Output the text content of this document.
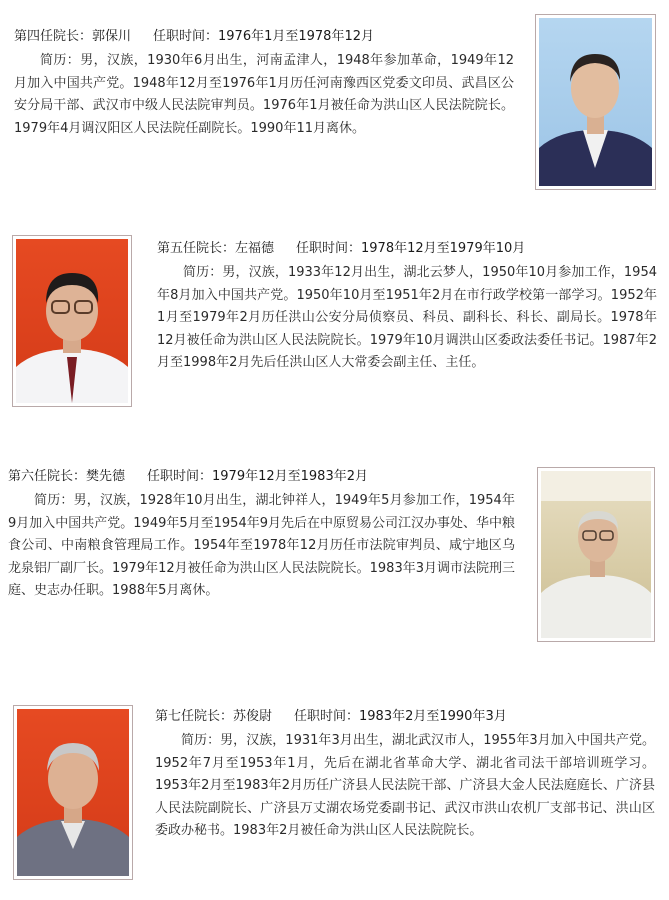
第四任院长：郭保川 任职时间：1976年1月至1978年12月

简历：男，汉族，1930年6月出生，河南孟津人，1948年参加革命，1949年12月加入中国共产党。1948年12月至1976年1月历任河南豫西区党委文印员、武昌区公安分局干部、武汉市中级人民法院审判员。1976年1月被任命为洪山区人民法院院长。1979年4月调汉阳区人民法院任副院长。1990年11月离休。

第五任院长：左福德 任职时间：1978年12月至1979年10月

简历：男，汉族，1933年12月出生，湖北云梦人，1950年10月参加工作，1954年8月加入中国共产党。1950年10月至1951年2月在市行政学校第一部学习。1952年1月至1979年2月历任洪山公安分局侦察员、科员、副科长、科长、副局长。1978年12月被任命为洪山区人民法院院长。1979年10月调洪山区委政法委任书记。1987年2月至1998年2月先后任洪山区人大常委会副主任、主任。

第六任院长：樊先德 任职时间：1979年12月至1983年2月

简历：男，汉族，1928年10月出生，湖北钟祥人，1949年5月参加工作，1954年9月加入中国共产党。1949年5月至1954年9月先后在中原贸易公司江汉办事处、华中粮食公司、中南粮食管理局工作。1954年至1978年12月历任市法院审判员、咸宁地区乌龙泉铝厂副厂长。1979年12月被任命为洪山区人民法院院长。1983年3月调市法院刑三庭、史志办任职。1988年5月离休。

第七任院长：苏俊尉 任职时间：1983年2月至1990年3月

简历：男，汉族，1931年3月出生，湖北武汉市人，1955年3月加入中国共产党。1952年7月至1953年1月，先后在湖北省革命大学、湖北省司法干部培训班学习。1953年2月至1983年2月历任广济县人民法院干部、广济县大金人民法庭庭长、广济县人民法院副院长、广济县万丈湖农场党委副书记、武汉市洪山农机厂支部书记、洪山区委政办秘书。1983年2月被任命为洪山区人民法院院长。
